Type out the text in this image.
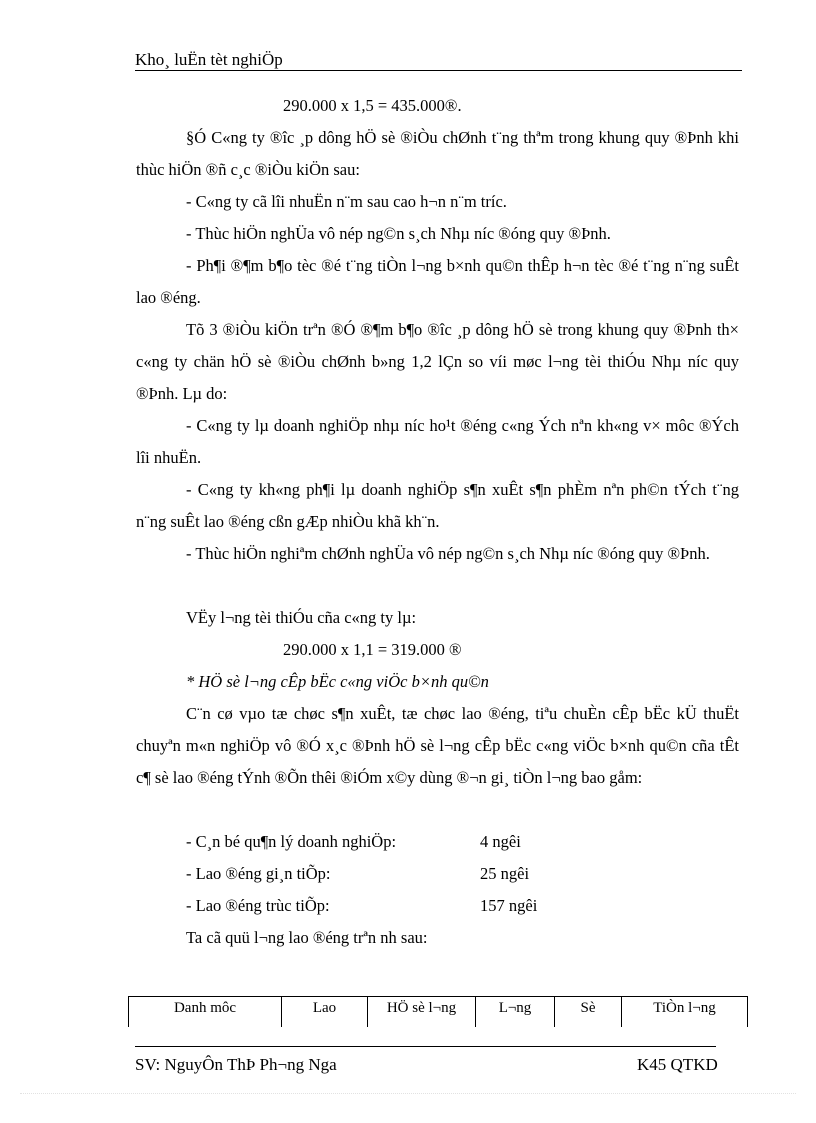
Kho¸ luËn tèt nghiÖp
290.000 x 1,5 = 435.000®.
§Ó C«ng ty ®îc ¸p dông hÖ sè ®iÒu chØnh t¨ng thªm trong khung quy ®Þnh khi thùc hiÖn ®ñ c¸c ®iÒu kiÖn sau:
- C«ng ty cã lîi nhuËn n¨m sau cao h¬n n¨m tríc.
- Thùc hiÖn nghÜa vô nép ng©n s¸ch Nhµ níc ®óng quy ®Þnh.
- Ph¶i ®¶m b¶o tèc ®é t¨ng tiÒn l¬ng b×nh qu©n thÊp h¬n tèc ®é t¨ng n¨ng suÊt lao ®éng.
Tõ 3 ®iÒu kiÖn trªn ®Ó ®¶m b¶o ®îc ¸p dông hÖ sè trong khung quy ®Þnh th× c«ng ty chän hÖ sè ®iÒu chØnh b»ng 1,2 lÇn so víi møc l¬ng tèi thiÓu Nhµ níc quy ®Þnh. Lµ do:
- C«ng ty lµ doanh nghiÖp nhµ níc ho¹t ®éng c«ng Ých nªn kh«ng v× môc ®Ých lîi nhuËn.
- C«ng ty kh«ng ph¶i lµ doanh nghiÖp s¶n xuÊt s¶n phÈm nªn ph©n tÝch t¨ng n¨ng suÊt lao ®éng cßn gÆp nhiÒu khã kh¨n.
- Thùc hiÖn nghiªm chØnh nghÜa vô nép ng©n s¸ch Nhµ níc ®óng quy ®Þnh.
VËy l¬ng tèi thiÓu cña c«ng ty lµ:
290.000 x 1,1 = 319.000 ®
* HÖ sè l¬ng cÊp bËc c«ng viÖc b×nh qu©n
C¨n cø vµo tæ chøc s¶n xuÊt, tæ chøc lao ®éng, tiªu chuÈn cÊp bËc kÜ thuËt chuyªn m«n nghiÖp vô ®Ó x¸c ®Þnh hÖ sè l¬ng cÊp bËc c«ng viÖc b×nh qu©n cña tÊt c¶ sè lao ®éng tÝnh ®Õn thêi ®iÓm x©y dùng ®¬n gi¸ tiÒn l¬ng bao gåm:
- C¸n bé qu¶n lý doanh nghiÖp:	4 ngêi
- Lao ®éng gi¸n tiÕp:	25 ngêi
- Lao ®éng trùc tiÕp:	157 ngêi
Ta cã quü l¬ng lao ®éng trªn nh sau:
Danh môc	Lao	HÖ sè l¬ng	L¬ng	Sè	TiÒn l¬ng
SV: NguyÔn ThÞ Ph¬ng Nga	K45 QTKD
